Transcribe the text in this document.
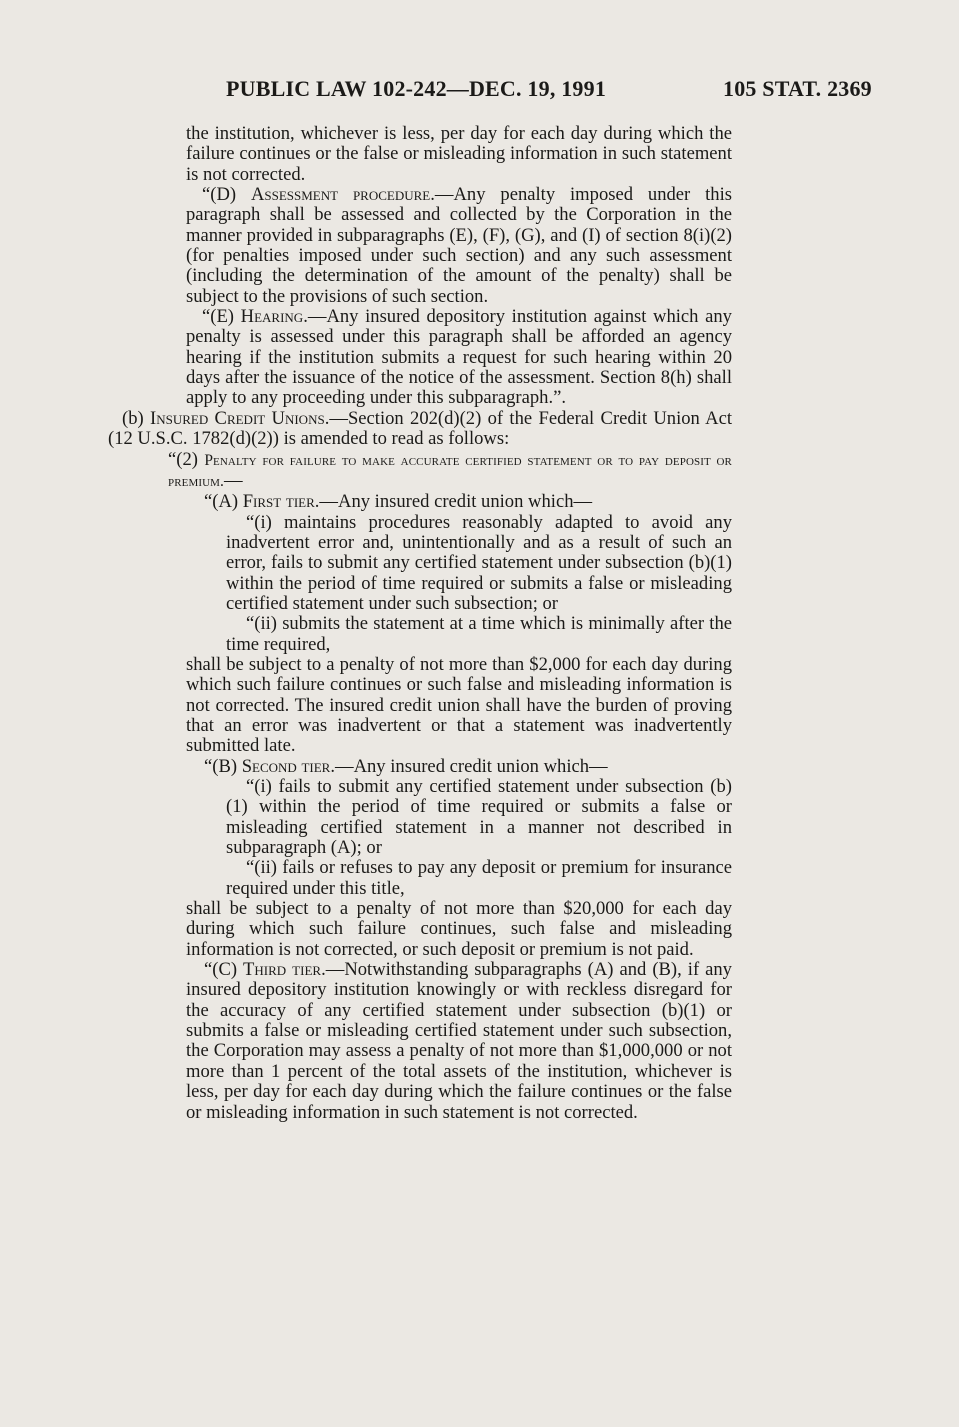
PUBLIC LAW 102-242—DEC. 19, 1991	105 STAT. 2369

the institution, whichever is less, per day for each day during which the failure continues or the false or misleading information in such statement is not corrected.

“(D) Assessment procedure.—Any penalty imposed under this paragraph shall be assessed and collected by the Corporation in the manner provided in subparagraphs (E), (F), (G), and (I) of section 8(i)(2) (for penalties imposed under such section) and any such assessment (including the determination of the amount of the penalty) shall be subject to the provisions of such section.

“(E) Hearing.—Any insured depository institution against which any penalty is assessed under this paragraph shall be afforded an agency hearing if the institution submits a request for such hearing within 20 days after the issuance of the notice of the assessment. Section 8(h) shall apply to any proceeding under this subparagraph.”.

(b) Insured Credit Unions.—Section 202(d)(2) of the Federal Credit Union Act (12 U.S.C. 1782(d)(2)) is amended to read as follows:

“(2) Penalty for failure to make accurate certified statement or to pay deposit or premium.—

“(A) First tier.—Any insured credit union which—

“(i) maintains procedures reasonably adapted to avoid any inadvertent error and, unintentionally and as a result of such an error, fails to submit any certified statement under subsection (b)(1) within the period of time required or submits a false or misleading certified statement under such subsection; or

“(ii) submits the statement at a time which is minimally after the time required,

shall be subject to a penalty of not more than $2,000 for each day during which such failure continues or such false and misleading information is not corrected. The insured credit union shall have the burden of proving that an error was inadvertent or that a statement was inadvertently submitted late.

“(B) Second tier.—Any insured credit union which—

“(i) fails to submit any certified statement under subsection (b)(1) within the period of time required or submits a false or misleading certified statement in a manner not described in subparagraph (A); or

“(ii) fails or refuses to pay any deposit or premium for insurance required under this title,

shall be subject to a penalty of not more than $20,000 for each day during which such failure continues, such false and misleading information is not corrected, or such deposit or premium is not paid.

“(C) Third tier.—Notwithstanding subparagraphs (A) and (B), if any insured depository institution knowingly or with reckless disregard for the accuracy of any certified statement under subsection (b)(1) or submits a false or misleading certified statement under such subsection, the Corporation may assess a penalty of not more than $1,000,000 or not more than 1 percent of the total assets of the institution, whichever is less, per day for each day during which the failure continues or the false or misleading information in such statement is not corrected.
